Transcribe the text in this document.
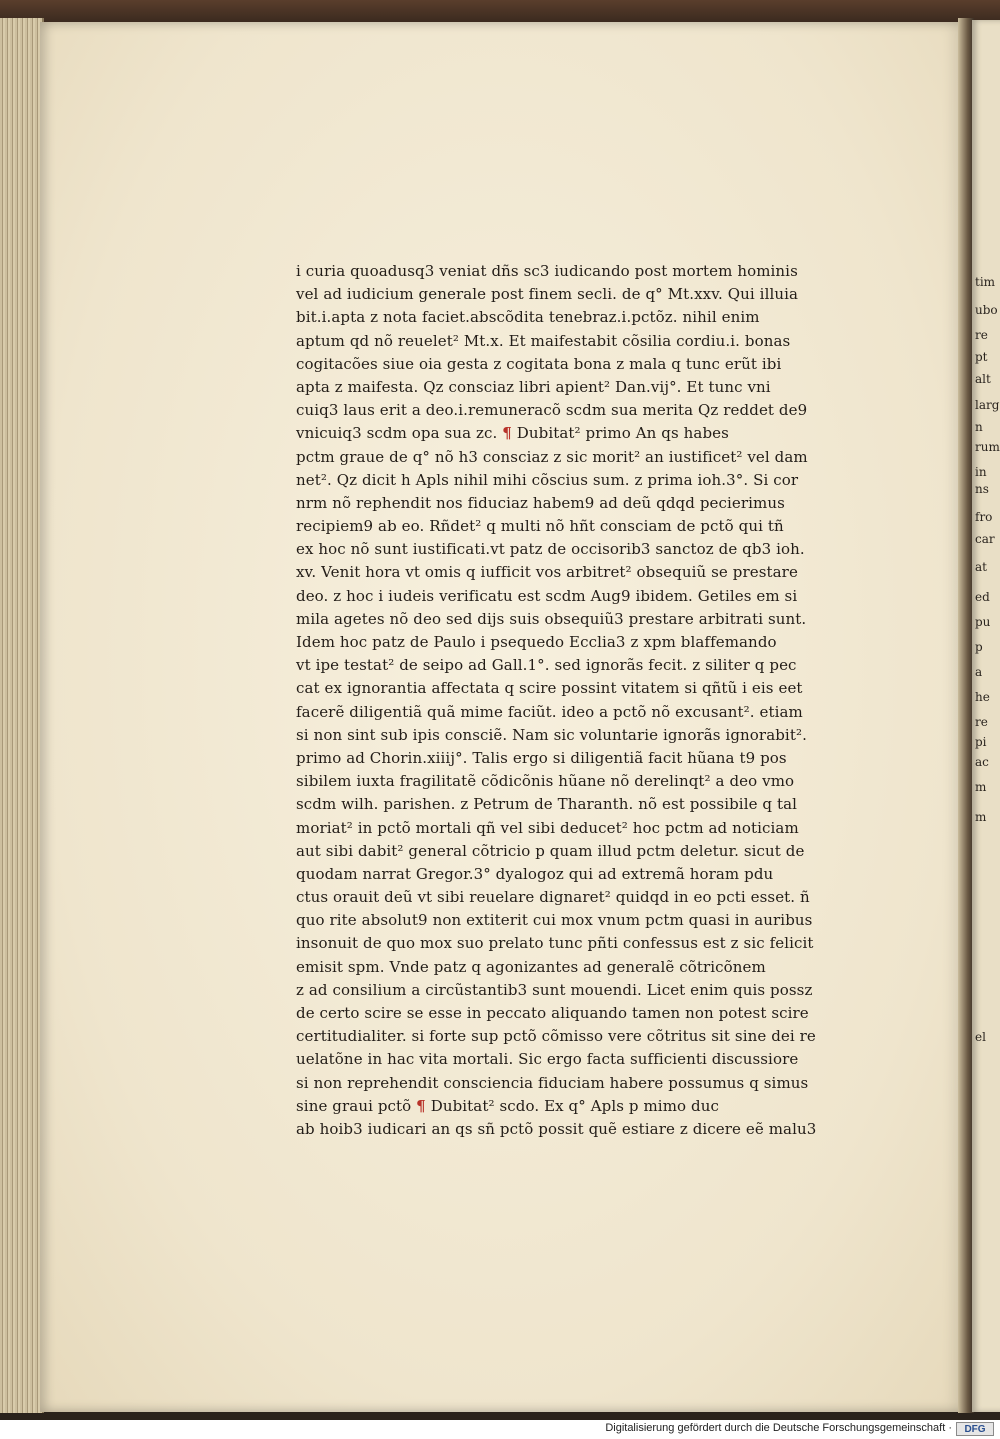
i curia quoadusq3 veniat dñs sc3 iudicando post mortem hominis
vel ad iudicium generale post finem secli. de q° Mt.xxv. Qui illuia
bit.i.apta z nota faciet.abscõdita tenebraz.i.pctõz. nihil enim
aptum qd nõ reuelet² Mt.x. Et maifestabit cõsilia cordiu.i. bonas
cogitacões siue oia gesta z cogitata bona z mala q tunc erũt ibi
apta z maifesta. Qz consciaz libri apient² Dan.vij°. Et tunc vni
cuiq3 laus erit a deo.i.remuneracõ scdm sua merita Qz reddet de9
vnicuiq3 scdm opa sua zc. ¶ Dubitat² primo An qs habes
pctm graue de q° nõ h3 consciaz z sic morit² an iustificet² vel dam
net². Qz dicit h Apls nihil mihi cõscius sum. z prima ioh.3°. Si cor
nrm nõ rephendit nos fiduciaz habem9 ad deũ qdqd pecierimus
recipiem9 ab eo. Rñdet² q multi nõ hñt consciam de pctõ qui tñ
ex hoc nõ sunt iustificati.vt patz de occisorib3 sanctoz de qb3 ioh.
xv. Venit hora vt omis q iufficit vos arbitret² obsequiũ se prestare
deo. z hoc i iudeis verificatu est scdm Aug9 ibidem. Getiles em si
mila agetes nõ deo sed dijs suis obsequiũ3 prestare arbitrati sunt.
Idem hoc patz de Paulo i psequedo Ecclia3 z xpm blaffemando
vt ipe testat² de seipo ad Gall.1°. sed ignorãs fecit. z siliter q pec
cat ex ignorantia affectata q scire possint vitatem si qñtũ i eis eet
facerẽ diligentiã quã mime faciũt. ideo a pctõ nõ excusant². etiam
si non sint sub ipis consciẽ. Nam sic voluntarie ignorãs ignorabit².
primo ad Chorin.xiiij°. Talis ergo si diligentiã facit hũana t9 pos
sibilem iuxta fragilitatẽ cõdicõnis hũane nõ derelinqt² a deo vmo
scdm wilh. parishen. z Petrum de Tharanth. nõ est possibile q tal
moriat² in pctõ mortali qñ vel sibi deducet² hoc pctm ad noticiam
aut sibi dabit² general cõtricio p quam illud pctm deletur. sicut de
quodam narrat Gregor.3° dyalogoz qui ad extremã horam pdu
ctus orauit deũ vt sibi reuelare dignaret² quidqd in eo pcti esset. ñ
quo rite absolut9 non extiterit cui mox vnum pctm quasi in auribus
insonuit de quo mox suo prelato tunc pñti confessus est z sic felicit
emisit spm. Vnde patz q agonizantes ad generalẽ cõtricõnem
z ad consilium a circũstantib3 sunt mouendi. Licet enim quis possz
de certo scire se esse in peccato aliquando tamen non potest scire
certitudialiter. si forte sup pctõ cõmisso vere cõtritus sit sine dei re
uelatõne in hac vita mortali. Sic ergo facta sufficienti discussiore
si non reprehendit consciencia fiduciam habere possumus q simus
sine graui pctõ ¶ Dubitat² scdo. Ex q° Apls p mimo duc
ab hoib3 iudicari an qs sñ pctõ possit quẽ estiare z dicere eẽ malu3
tim
ubo
re
pt
alt
larg
n
rum
in
ns
fro
car
at
ed
pu
p
a
he
re
pi
ac
m
m
el
Digitalisierung gefördert durch die Deutsche Forschungsgemeinschaft ·	DFG
